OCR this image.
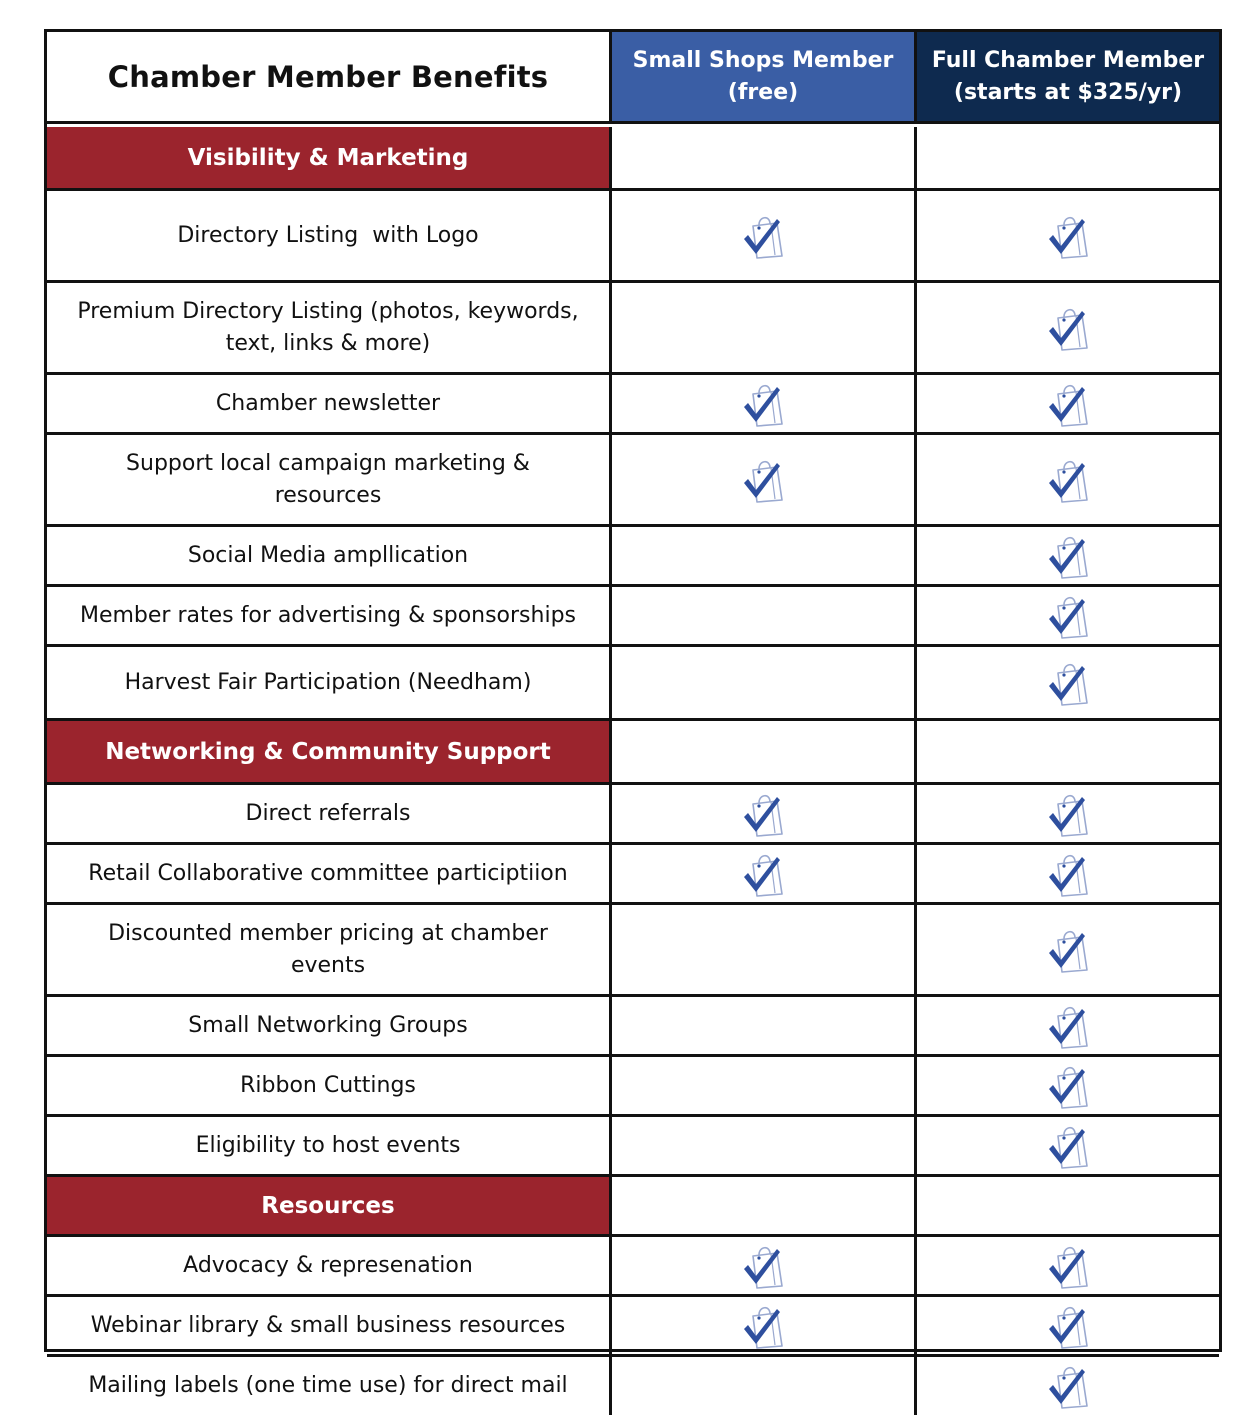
Chamber Member Benefits	Small Shops Member
(free)
Full Chamber Member
(starts at $325/yr)
Visibility & Marketing
Directory Listing  with Logo
Premium Directory Listing (photos, keywords, text, links & more)
Chamber newsletter
Support local campaign marketing & resources
Social Media ampllication
Member rates for advertising & sponsorships
Harvest Fair Participation (Needham)
Networking & Community Support
Direct referrals
Retail Collaborative committee participtiion
Discounted member pricing at chamber events
Small Networking Groups
Ribbon Cuttings
Eligibility to host events
Resources
Advocacy & represenation
Webinar library & small business resources
Mailing labels (one time use) for direct mail
